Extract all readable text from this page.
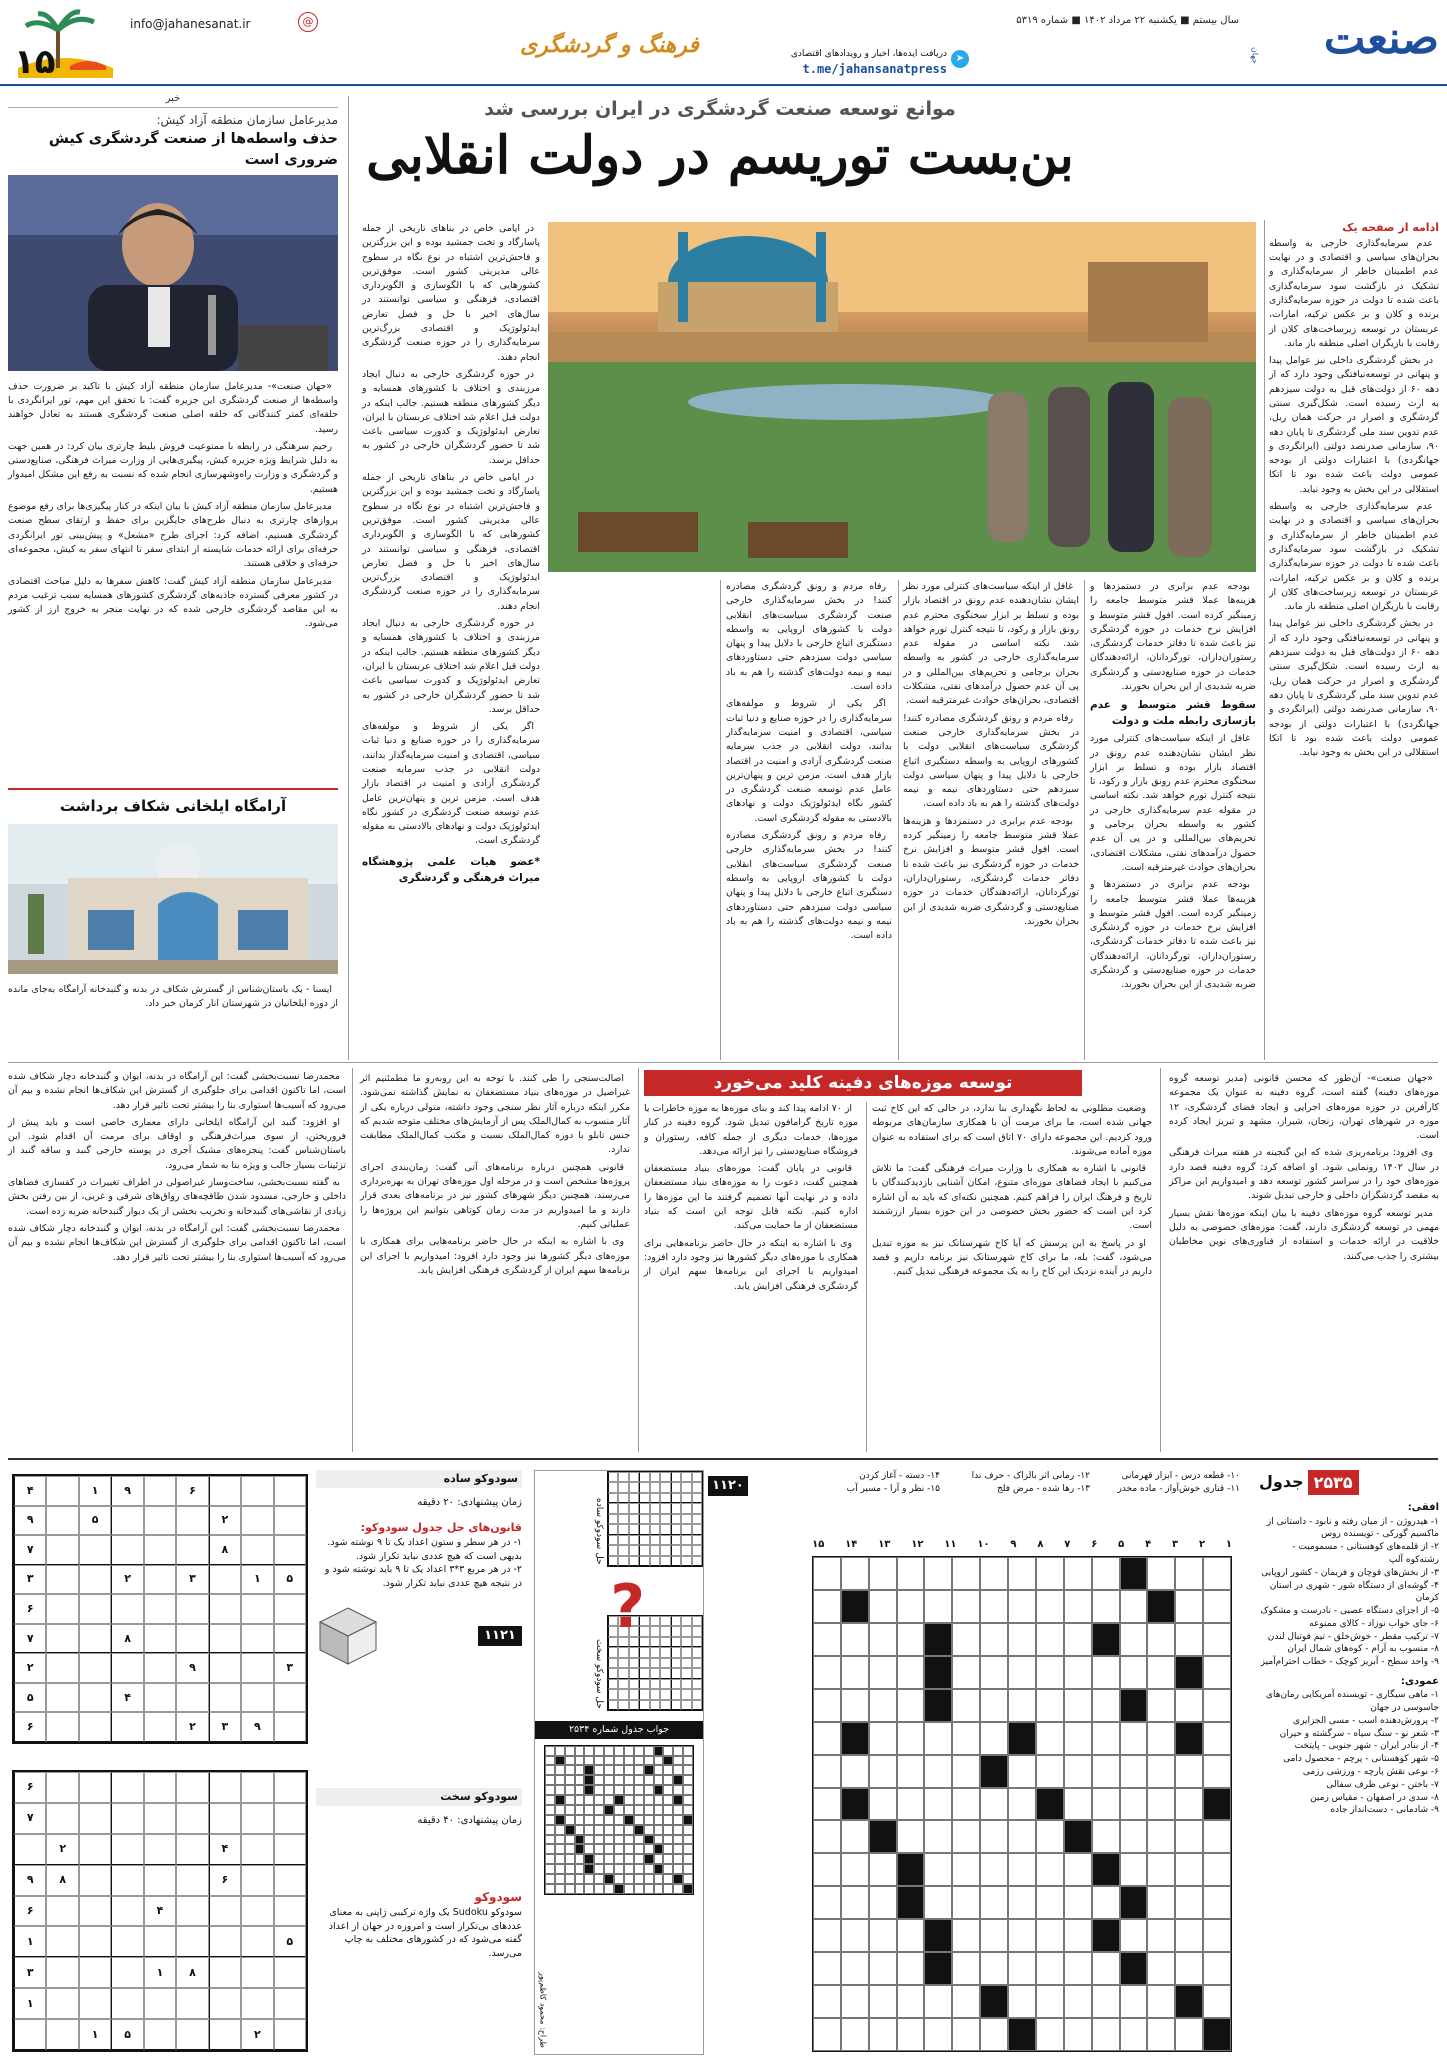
صنعت
جهان
سال بیستم ■ یکشنبه ۲۲ مرداد ۱۴۰۲ ■ شماره ۵۳۱۹
➤
دریافت ایده‌ها، اخبار و رویدادهای اقتصادی
t.me/jahansanatpress
فرهنگ و گردشگری
info@jahanesanat.ir	@
۱۵
موانع توسعه صنعت گردشگری در ایران بررسی شد
بن‌بست توریسم در دولت انقلابی
ادامه از صفحه یک

عدم سرمایه‌گذاری خارجی به واسطه بحران‌های سیاسی و اقتصادی و در نهایت عدم اطمینان خاطر از سرمایه‌گذاری و تشکیک در بازگشت سود سرمایه‌گذاری باعث شده تا دولت در حوزه سرمایه‌گذاری برنده و کلان و بر عکس ترکیه، امارات، عربستان در توسعه زیرساخت‌های کلان از رقابت با بازیگران اصلی منطقه باز ماند.

در بخش گردشگری داخلی نیز عوامل پیدا و پنهانی در توسعه‌نیافتگی وجود دارد که از دهه ۶۰ از دولت‌های قبل به دولت سیزدهم به ارث رسیده است. شکل‌گیری سنتی گردشگری و اصرار در حرکت همان ریل، عدم تدوین سند ملی گردشگری تا پایان دهه ۹۰، سازمانی صدرنصد دولتی (ایرانگردی و جهانگردی) با اعتبارات دولتی از بودجه عمومی دولت باعث شده بود تا اتکا استقلالی در این بخش به وجود نیاید.

عدم سرمایه‌گذاری خارجی به واسطه بحران‌های سیاسی و اقتصادی و در نهایت عدم اطمینان خاطر از سرمایه‌گذاری و تشکیک در بازگشت سود سرمایه‌گذاری باعث شده تا دولت در حوزه سرمایه‌گذاری برنده و کلان و بر عکس ترکیه، امارات، عربستان در توسعه زیرساخت‌های کلان از رقابت با بازیگران اصلی منطقه باز ماند.

در بخش گردشگری داخلی نیز عوامل پیدا و پنهانی در توسعه‌نیافتگی وجود دارد که از دهه ۶۰ از دولت‌های قبل به دولت سیزدهم به ارث رسیده است. شکل‌گیری سنتی گردشگری و اصرار در حرکت همان ریل، عدم تدوین سند ملی گردشگری تا پایان دهه ۹۰، سازمانی صدرنصد دولتی (ایرانگردی و جهانگردی) با اعتبارات دولتی از بودجه عمومی دولت باعث شده بود تا اتکا استقلالی در این بخش به وجود نیاید.

بودجه عدم برابری در دستمزدها و هزینه‌ها عملا قشر متوسط جامعه را زمینگیر کرده است. افول قشر متوسط و افزایش نرخ خدمات در حوزه گردشگری نیز باعث شده تا دفاتر خدمات گردشگری، رستوران‌داران، تورگردانان، ارائه‌دهندگان خدمات در حوزه صنایع‌دستی و گردشگری ضربه شدیدی از این بحران بخورند.

سقوط قشر متوسط و عدم بازسازی رابطه ملت و دولت

غافل از اینکه سیاست‌های کنترلی مورد نظر ایشان نشان‌دهنده عدم رونق در اقتصاد بازار بوده و تسلط بر ابزار سخنگوی محترم عدم رونق بازار و رکود، تا نتیجه کنترل تورم خواهد شد. نکته اساسی در مقوله عدم سرمایه‌گذاری خارجی در کشور به واسطه بحران برجامی و تحریم‌های بین‌المللی و در پی آن عدم حصول درآمدهای نفتی، مشکلات اقتصادی، بحران‌های حوادث غیرمترقبه است.

بودجه عدم برابری در دستمزدها و هزینه‌ها عملا قشر متوسط جامعه را زمینگیر کرده است. افول قشر متوسط و افزایش نرخ خدمات در حوزه گردشگری نیز باعث شده تا دفاتر خدمات گردشگری، رستوران‌داران، تورگردانان، ارائه‌دهندگان خدمات در حوزه صنایع‌دستی و گردشگری ضربه شدیدی از این بحران بخورند.

غافل از اینکه سیاست‌های کنترلی مورد نظر ایشان نشان‌دهنده عدم رونق در اقتصاد بازار بوده و تسلط بر ابزار سخنگوی محترم عدم رونق بازار و رکود، تا نتیجه کنترل تورم خواهد شد. نکته اساسی در مقوله عدم سرمایه‌گذاری خارجی در کشور به واسطه بحران برجامی و تحریم‌های بین‌المللی و در پی آن عدم حصول درآمدهای نفتی، مشکلات اقتصادی، بحران‌های حوادث غیرمترقبه است.

رفاه مردم و رونق گردشگری مصادره کنند! در بخش سرمایه‌گذاری خارجی صنعت گردشگری سیاست‌های انقلابی دولت با کشورهای اروپایی به واسطه دستگیری اتباع خارجی با دلایل پیدا و پنهان سیاسی دولت سیزدهم حتی دستاوردهای نیمه و نیمه دولت‌های گذشته را هم به باد داده است.

بودجه عدم برابری در دستمزدها و هزینه‌ها عملا قشر متوسط جامعه را زمینگیر کرده است. افول قشر متوسط و افزایش نرخ خدمات در حوزه گردشگری نیز باعث شده تا دفاتر خدمات گردشگری، رستوران‌داران، تورگردانان، ارائه‌دهندگان خدمات در حوزه صنایع‌دستی و گردشگری ضربه شدیدی از این بحران بخورند.

رفاه مردم و رونق گردشگری مصادره کنند! در بخش سرمایه‌گذاری خارجی صنعت گردشگری سیاست‌های انقلابی دولت با کشورهای اروپایی به واسطه دستگیری اتباع خارجی با دلایل پیدا و پنهان سیاسی دولت سیزدهم حتی دستاوردهای نیمه و نیمه دولت‌های گذشته را هم به باد داده است.

اگر یکی از شروط و مولفه‌های سرمایه‌گذاری را در حوزه صنایع و دنیا ثبات سیاسی، اقتصادی و امنیت سرمایه‌گذار بدانند، دولت انقلابی در جذب سرمایه صنعت گردشگری آزادی و امنیت در اقتصاد بازار هدف است. مزمن ترین و پنهان‌ترین عامل عدم توسعه صنعت گردشگری در کشور نگاه ایدئولوژیک دولت و نهادهای بالادستی به مقوله گردشگری است.

رفاه مردم و رونق گردشگری مصادره کنند! در بخش سرمایه‌گذاری خارجی صنعت گردشگری سیاست‌های انقلابی دولت با کشورهای اروپایی به واسطه دستگیری اتباع خارجی با دلایل پیدا و پنهان سیاسی دولت سیزدهم حتی دستاوردهای نیمه و نیمه دولت‌های گذشته را هم به باد داده است.

در ایامی خاص در بناهای تاریخی از جمله پاسارگاد و تخت جمشید بوده و این بزرگترین و فاحش‌ترین اشتباه در نوع نگاه در سطوح عالی مدیریتی کشور است. موفق‌ترین کشورهایی که با الگوسازی و الگوبرداری اقتصادی، فرهنگی و سیاسی توانستند در سال‌های اخیر با حل و فصل تعارض ایدئولوژیک و اقتصادی بزرگ‌ترین سرمایه‌گذاری را در حوزه صنعت گردشگری انجام دهند.

در حوزه گردشگری خارجی به دنبال ایجاد مرزبندی و اختلاف با کشورهای همسایه و دیگر کشورهای منطقه هستیم. جالب اینکه در دولت قبل اعلام شد اختلاف عربستان با ایران، تعارض ایدئولوژیک و کدورت سیاسی باعث شد تا حضور گردشگران خارجی در کشور به حداقل برسد.

در ایامی خاص در بناهای تاریخی از جمله پاسارگاد و تخت جمشید بوده و این بزرگترین و فاحش‌ترین اشتباه در نوع نگاه در سطوح عالی مدیریتی کشور است. موفق‌ترین کشورهایی که با الگوسازی و الگوبرداری اقتصادی، فرهنگی و سیاسی توانستند در سال‌های اخیر با حل و فصل تعارض ایدئولوژیک و اقتصادی بزرگ‌ترین سرمایه‌گذاری را در حوزه صنعت گردشگری انجام دهند.

در حوزه گردشگری خارجی به دنبال ایجاد مرزبندی و اختلاف با کشورهای همسایه و دیگر کشورهای منطقه هستیم. جالب اینکه در دولت قبل اعلام شد اختلاف عربستان با ایران، تعارض ایدئولوژیک و کدورت سیاسی باعث شد تا حضور گردشگران خارجی در کشور به حداقل برسد.

اگر یکی از شروط و مولفه‌های سرمایه‌گذاری را در حوزه صنایع و دنیا ثبات سیاسی، اقتصادی و امنیت سرمایه‌گذار بدانند، دولت انقلابی در جذب سرمایه صنعت گردشگری آزادی و امنیت در اقتصاد بازار هدف است. مزمن ترین و پنهان‌ترین عامل عدم توسعه صنعت گردشگری در کشور نگاه ایدئولوژیک دولت و نهادهای بالادستی به مقوله گردشگری است.

*عضو هیات علمی پژوهشگاه میراث فرهنگی و گردشگری
خبر
مدیرعامل سازمان منطقه آزاد کیش:
حذف واسطه‌ها از صنعت گردشگری کیش ضروری است

«جهان صنعت»- مدیرعامل سازمان منطقه آزاد کیش با تاکید بر ضرورت حذف واسطه‌ها از صنعت گردشگری این جزیره گفت: با تحقق این مهم، تور ایرانگردی با حلقه‌ای کمتر کنندگانی که حلقه اصلی صنعت گردشگری هستند به تعادل خواهند رسید.

رحیم سرهنگی در رابطه با ممنوعیت فروش بلیط چارتری بیان کرد: در همین جهت به دلیل شرایط ویژه جزیره کیش، پیگیری‌هایی از وزارت میراث فرهنگی، صنایع‌دستی و گردشگری و وزارت راه‌وشهرسازی انجام شده که نسبت به رفع این مشکل امیدوار هستیم.

مدیرعامل سازمان منطقه آزاد کیش با بیان اینکه در کنار پیگیری‌ها برای رفع موضوع پروازهای چارتری به دنبال طرح‌های جایگزین برای حفظ و ارتقای سطح صنعت گردشگری هستیم، اضافه کرد: اجرای طرح «مشعل» و پیش‌بینی تور ایرانگردی حرفه‌ای برای ارائه خدمات شایسته از ابتدای سفر تا انتهای سفر به کیش، مجموعه‌ای حرفه‌ای و خلاقی هستند.

مدیرعامل سازمان منطقه آزاد کیش گفت: کاهش سفرها به دلیل مباحث اقتصادی در کشور معرفی گسترده جاذبه‌های گردشگری کشورهای همسایه سبب ترغیب مردم به این مقاصد گردشگری خارجی شده که در نهایت منجر به خروج ارز از کشور می‌شود.

آرامگاه ایلخانی شکاف برداشت

ایسنا - یک باستان‌شناس از گسترش شکاف در بدنه و گنبدخانه آرامگاه به‌جای مانده از دوره ایلخانیان در شهرستان انار کرمان خبر داد.

محمدرضا نسبت‌بخشی گفت: این آرامگاه در بدنه، ایوان و گنبدخانه دچار شکاف شده است، اما تاکنون اقدامی برای جلوگیری از گسترش این شکاف‌ها انجام نشده و بیم آن می‌رود که آسیب‌ها استواری بنا را بیشتر تحت تاثیر قرار دهد.

او افزود: گنبد این آرامگاه ایلخانی دارای معماری خاصی است و باید پیش از فروریختن، از سوی میراث‌فرهنگی و اوقاف برای مرمت آن اقدام شود. این باستان‌شناس گفت: پنجره‌های مشبک آجری در پوسته خارجی گنبد و ساقه گنبد از تزئینات بسیار جالب و ویژه بنا به شمار می‌رود.

به گفته نسبت‌بخشی، ساخت‌وساز غیراصولی در اطراف تغییرات در کفسازی فضاهای داخلی و خارجی، مسدود شدن طاقچه‌های رواق‌های شرقی و غربی، از بین رفتن بخش زیادی از نقاشی‌های گنبدخانه و تخریب بخشی از یک دیوار گنبدخانه ضربه زده است.

محمدرضا نسبت‌بخشی گفت: این آرامگاه در بدنه، ایوان و گنبدخانه دچار شکاف شده است، اما تاکنون اقدامی برای جلوگیری از گسترش این شکاف‌ها انجام نشده و بیم آن می‌رود که آسیب‌ها استواری بنا را بیشتر تحت تاثیر قرار دهد.

توسعه موزه‌های دفینه کلید می‌خورد	«جهان صنعت»- آن‌طور که محسن قانونی (مدیر توسعه گروه موزه‌های دفینه) گفته است، گروه دفینه به عنوان یک مجموعه کارآفرین در حوزه موزه‌های اجرایی و ایجاد فضای گردشگری، ۱۲ موزه در شهرهای تهران، زنجان، شیراز، مشهد و تبریز ایجاد کرده است.

وی افزود: برنامه‌ریزی شده که این گنجینه در هفته میراث فرهنگی در سال ۱۴۰۲ رونمایی شود. او اضافه کرد: گروه دفینه قصد دارد موزه‌های خود را در سراسر کشور توسعه دهد و امیدواریم این مراکز به مقصد گردشگران داخلی و خارجی تبدیل شوند.

مدیر توسعه گروه موزه‌های دفینه با بیان اینکه موزه‌ها نقش بسیار مهمی در توسعه گردشگری دارند، گفت: موزه‌های خصوصی به دلیل خلاقیت در ارائه خدمات و استفاده از فناوری‌های نوین مخاطبان بیشتری را جذب می‌کنند.

وضعیت مطلوبی به لحاظ نگهداری بنا ندارد، در حالی که این کاخ ثبت جهانی شده است، ما برای مرمت آن با همکاری سازمان‌های مربوطه ورود کردیم. این مجموعه دارای ۷۰ اتاق است که برای استفاده به عنوان موزه آماده می‌شوند.

قانونی با اشاره به همکاری با وزارت میراث فرهنگی گفت: ما تلاش می‌کنیم با ایجاد فضاهای موزه‌ای متنوع، امکان آشنایی بازدیدکنندگان با تاریخ و فرهنگ ایران را فراهم کنیم. همچنین نکته‌ای که باید به آن اشاره کرد این است که حضور بخش خصوصی در این حوزه بسیار ارزشمند است.

او در پاسخ به این پرسش که آیا کاخ شهرستانک نیز به موزه تبدیل می‌شود، گفت: بله، ما برای کاخ شهرستانک نیز برنامه داریم و قصد داریم در آینده نزدیک این کاخ را به یک مجموعه فرهنگی تبدیل کنیم.

از ۷۰ ادامه پیدا کند و بنای موزه‌ها به موزه خاطرات یا موزه تاریخ گرامافون تبدیل شود. گروه دفینه در کنار موزه‌ها، خدمات دیگری از جمله کافه، رستوران و فروشگاه صنایع‌دستی را نیز ارائه می‌دهد.

قانونی در پایان گفت: موزه‌های بنیاد مستضعفان همچنین گفت، دعوت را به موزه‌های بنیاد مستضعفان داده و در نهایت آنها تصمیم گرفتند ما این موزه‌ها را اداره کنیم. نکته قابل توجه این است که بنیاد مستضعفان از ما حمایت می‌کند.

وی با اشاره به اینکه در حال حاضر برنامه‌هایی برای همکاری با موزه‌های دیگر کشورها نیز وجود دارد افزود: امیدواریم با اجرای این برنامه‌ها سهم ایران از گردشگری فرهنگی افزایش یابد.

اصالت‌سنجی را طی کنند. با توجه به این روبه‌رو ما مطمئنیم اثر غیراصیل در موزه‌های بنیاد مستضعفان به نمایش گذاشته نمی‌شود. مکرر اینکه درباره آثار نظر سنجی وجود داشته، متولی درباره یکی از آثار منسوب به کمال‌الملک پس از آزمایش‌های مختلف متوجه شدیم که جنس تابلو با دوره کمال‌الملک نسبت و مکتب کمال‌الملک مطابقت ندارد.

قانونی همچنین درباره برنامه‌های آتی گفت: زمان‌بندی اجرای پروژه‌ها مشخص است و در مرحله اول موزه‌های تهران به بهره‌برداری می‌رسند. همچنین دیگر شهرهای کشور نیز در برنامه‌های بعدی قرار دارند و ما امیدواریم در مدت زمان کوتاهی بتوانیم این پروژه‌ها را عملیاتی کنیم.

وی با اشاره به اینکه در حال حاضر برنامه‌هایی برای همکاری با موزه‌های دیگر کشورها نیز وجود دارد افزود: امیدواریم با اجرای این برنامه‌ها سهم ایران از گردشگری فرهنگی افزایش یابد.

۲۵۳۵
جدول
افقی:
۱- هیدروژن - از میان رفته و نابود - داستانی از ماکسیم گورکی - تویسنده روس
۲- از قلمه‌های کوهستانی - مسمومیت - رشته‌کوه آلپ
۳- از بخش‌های قوچان و فریمان - کشور اروپایی
۴- گوشه‌ای از دستگاه شور - شهری در استان کرمان
۵- از اجزای دستگاه عصبی - نادرست و مشکوک
۶- جای خواب نوزاد - کالای ممنوعه
۷- ترکیب مقطر - خوش‌خلق - تیم فوتبال لندن
۸- منسوب به آرام - کوه‌های شمال ایران
۹- واحد سطح - آبریز کوچک - خطاب احترام‌آمیز
عمودی:
۱- ماهی سیگاری - تویسنده آمریکایی رمان‌های جاسوسی در جهان
۲- پرورش‌دهنده اسب - مسی الجزایری
۳- شعر نو - سنگ سیاه - سرگشته و حیران
۴- از بنادر ایران - شهر جنوبی - پایتخت
۵- شهر کوهستانی - پرچم - محصول دامی
۶- نوعی نقش پارچه - ورزشی رزمی
۷- باختن - نوعی ظرف سفالی
۸- سدی در اصفهان - مقیاس زمین
۹- شادمانی - دست‌انداز جاده
۱۰- قطعه درس - ابزار قهرمانی
۱۱- قناری خوش‌آواز - ماده مخدر
۱۲- رمانی اثر بالزاک - حرف ندا
۱۳- رها شده - مرض فلج
۱۴- دسته - آغاز کردن
۱۵- نظر و آرا - مسیر آب
۱۱۲۰
۱
۲
۳
۴
۵
۶
۷
۸
۹
۱۰
۱۱
۱۲
۱۳
۱۴
۱۵
حل سودوکو ساده
حل سودوکو سخت
?
جواب جدول شماره ۲۵۳۴
طراح: محمود کاظم‌پور
سودوکو ساده
زمان پیشنهادی: ۲۰ دقیقه
قانون‌های حل جدول سودوکو:
۱- در هر سطر و ستون اعداد یک تا ۹ نوشته شود. بدیهی است که هیچ عددی نباید تکرار شود.
۲- در هر مربع ۳*۳ اعداد یک تا ۹ باید نوشته شود و در نتیجه هیچ عددی نباید تکرار شود.
۱۱۲۱
سودوکو سخت
زمان پیشنهادی: ۴۰ دقیقه
سودوکو
سودوکو Sudoku یک واژه ترکیبی ژاپنی به معنای عددهای بی‌تکرار است و امروزه در جهان از اعداد گفته می‌شود که در کشورهای مختلف به چاپ می‌رسد.
۶
۹
۱
۴
۲
۵
۹
۸
۷
۵
۱
۳
۲
۳
۶
۸
۷
۳
۹
۲
۴
۵
۹
۳
۲
۶
۶
۷
۴
۲
۶
۸
۹
۴
۶
۵
۱
۸
۱
۳
۱
۲
۵
۱
